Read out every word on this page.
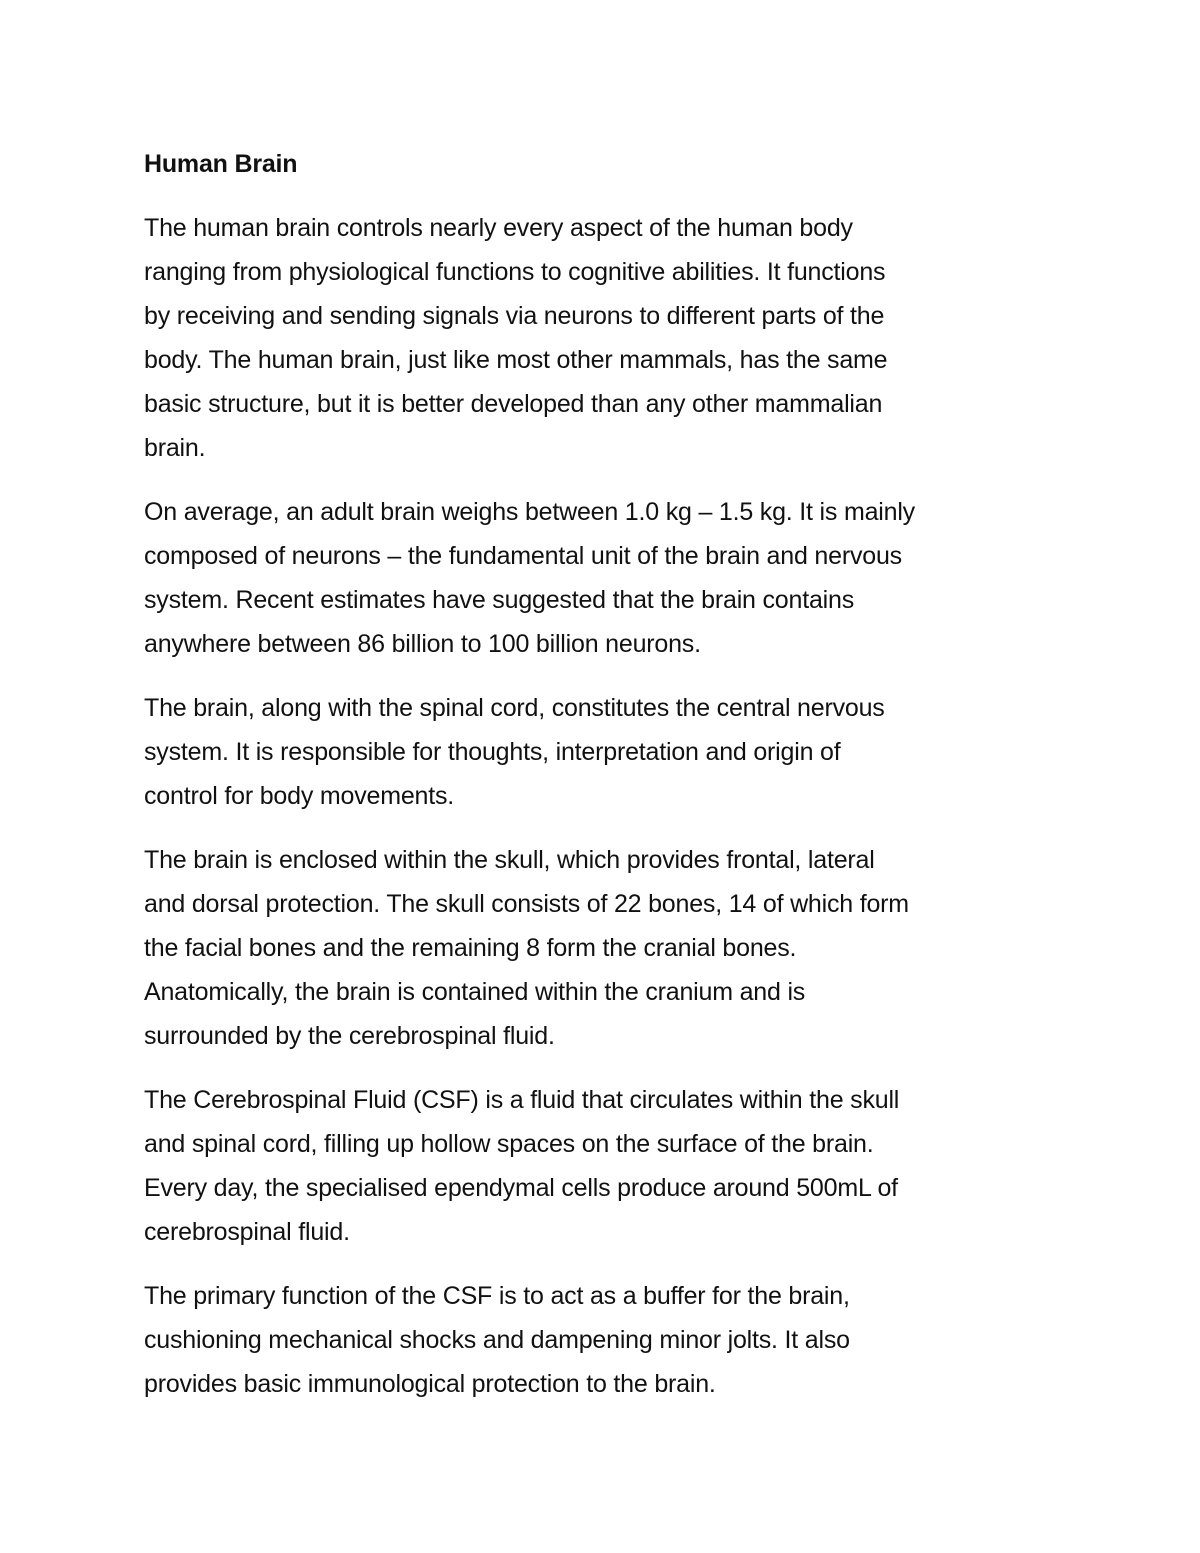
Human Brain

The human brain controls nearly every aspect of the human body
ranging from physiological functions to cognitive abilities. It functions
by receiving and sending signals via neurons to different parts of the
body. The human brain, just like most other mammals, has the same
basic structure, but it is better developed than any other mammalian
brain.

On average, an adult brain weighs between 1.0 kg – 1.5 kg. It is mainly
composed of neurons – the fundamental unit of the brain and nervous
system. Recent estimates have suggested that the brain contains
anywhere between 86 billion to 100 billion neurons.

The brain, along with the spinal cord, constitutes the central nervous
system. It is responsible for thoughts, interpretation and origin of
control for body movements.

The brain is enclosed within the skull, which provides frontal, lateral
and dorsal protection. The skull consists of 22 bones, 14 of which form
the facial bones and the remaining 8 form the cranial bones.
Anatomically, the brain is contained within the cranium and is
surrounded by the cerebrospinal fluid.

The Cerebrospinal Fluid (CSF) is a fluid that circulates within the skull
and spinal cord, filling up hollow spaces on the surface of the brain.
Every day, the specialised ependymal cells produce around 500mL of
cerebrospinal fluid.

The primary function of the CSF is to act as a buffer for the brain,
cushioning mechanical shocks and dampening minor jolts. It also
provides basic immunological protection to the brain.
